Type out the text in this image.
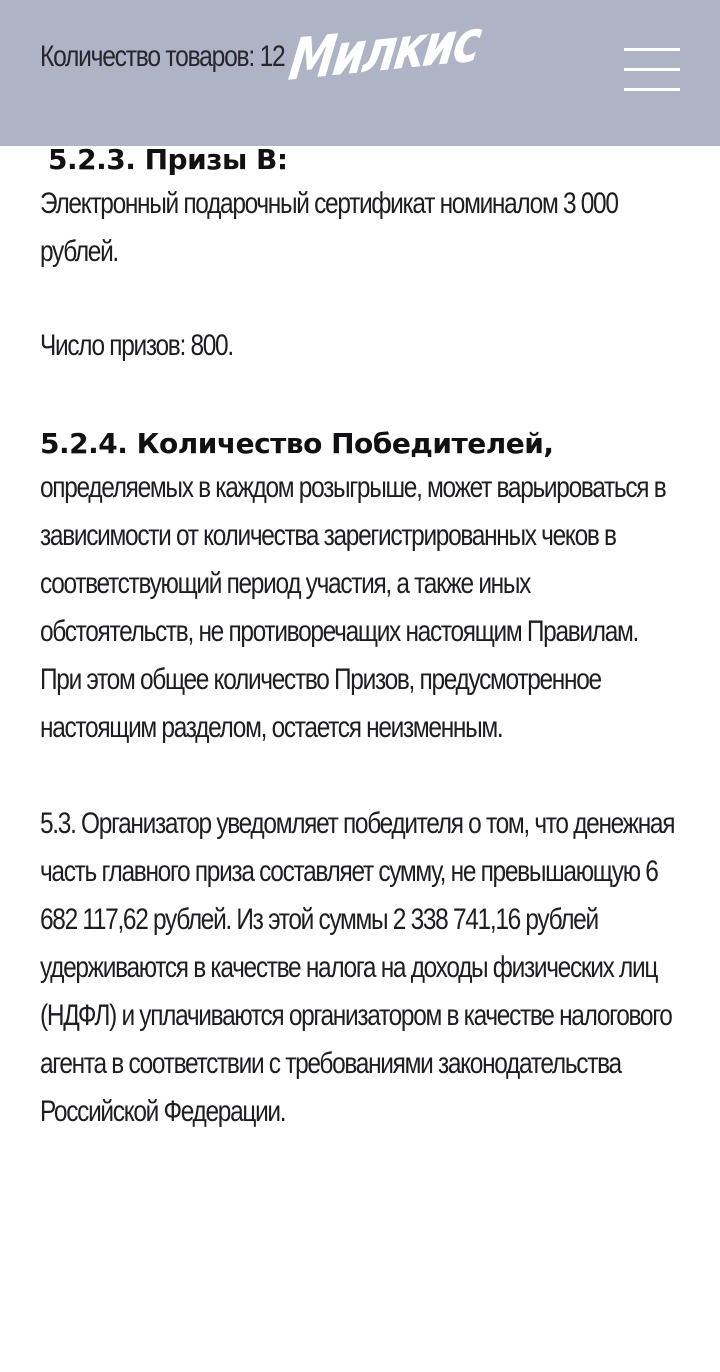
Количество товаров: 12 Милкис
5.2.3. Призы B:

Электронный подарочный сертификат номиналом 3 000 рублей.

Число призов: 800.

5.2.4. Количество Победителей,

определяемых в каждом розыгрыше, может варьироваться в зависимости от количества зарегистрированных чеков в соответствующий период участия, а также иных обстоятельств, не противоречащих настоящим Правилам. При этом общее количество Призов, предусмотренное настоящим разделом, остается неизменным.

5.3. Организатор уведомляет победителя о том, что денежная часть главного приза составляет сумму, не превышающую 6 682 117,62 рублей. Из этой суммы 2 338 741,16 рублей удерживаются в качестве налога на доходы физических лиц (НДФЛ) и уплачиваются организатором в качестве налогового агента в соответствии с требованиями законодательства Российской Федерации.
